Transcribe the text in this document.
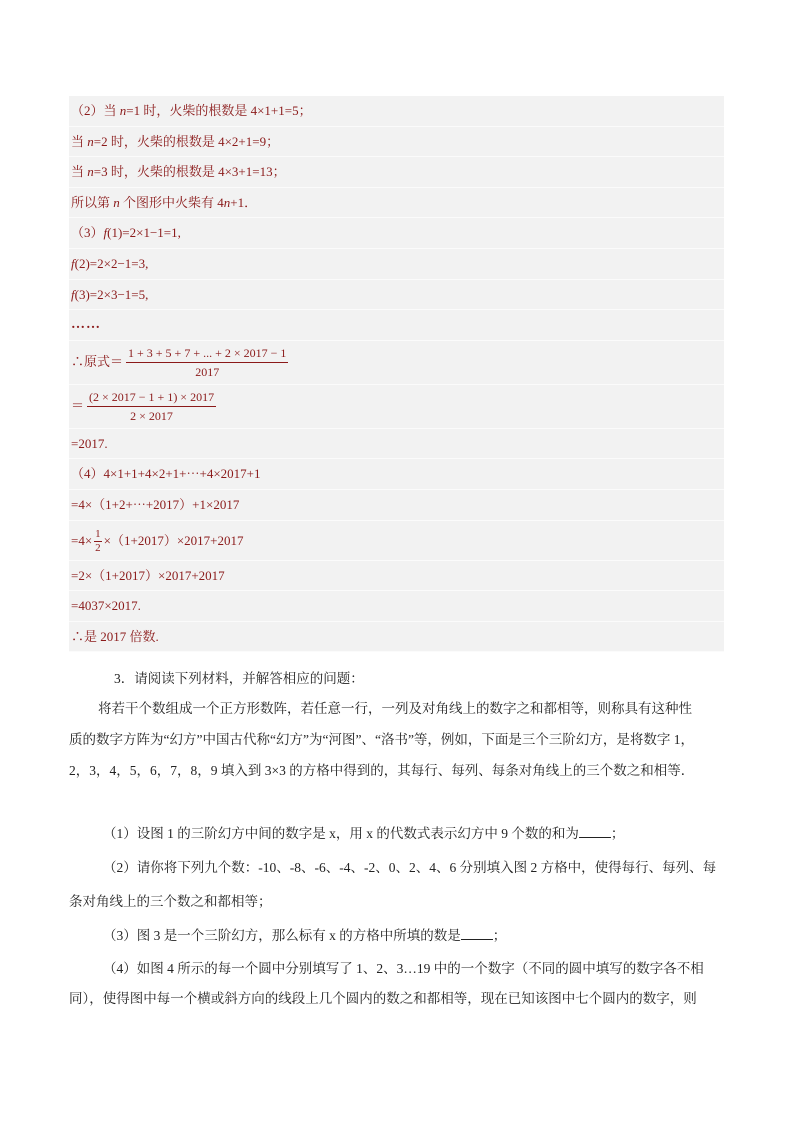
（2）当 n=1 时，火柴的根数是 4×1+1=5；
当 n=2 时，火柴的根数是 4×2+1=9；
当 n=3 时，火柴的根数是 4×3+1=13；
所以第 n 个图形中火柴有 4n+1．
（3）f(1)=2×1−1=1,
f(2)=2×2−1=3,
f(3)=2×3−1=5,
……
∴原式＝ $\frac{1 + 3 + 5 + 7 + ... + 2 \times 2017 - 1}{2017}$
＝ $\frac{(2 \times 2017 - 1 + 1) \times 2017}{2 \times 2017}$
=2017.
（4）4×1+1+4×2+1+⋯+4×2017+1
=4×（1+2+⋯+2017）+1×2017
$=4\times \frac{1}{2} \times(1+2017)\times 2017+2017$
=2×（1+2017）×2017+2017
=4037×2017.
∴是 2017 倍数.
3．请阅读下列材料，并解答相应的问题：
将若干个数组成一个正方形数阵，若任意一行，一列及对角线上的数字之和都相等，则称具有这种性
质的数字方阵为“幻方”中国古代称“幻方”为“河图”、“洛书”等，例如，下面是三个三阶幻方，是将数字 1，
2，3，4，5，6，7，8，9 填入到 3×3 的方格中得到的，其每行、每列、每条对角线上的三个数之和相等．
（1）设图 1 的三阶幻方中间的数字是 x，用 x 的代数式表示幻方中 9 个数的和为 ；
（2）请你将下列九个数：-10、-8、-6、-4、-2、0、2、4、6 分别填入图 2 方格中，使得每行、每列、每
条对角线上的三个数之和都相等；
（3）图 3 是一个三阶幻方，那么标有 x 的方格中所填的数是 ；
（4）如图 4 所示的每一个圆中分别填写了 1、2、3…19 中的一个数字（不同的圆中填写的数字各不相
同），使得图中每一个横或斜方向的线段上几个圆内的数之和都相等，现在已知该图中七个圆内的数字，则
